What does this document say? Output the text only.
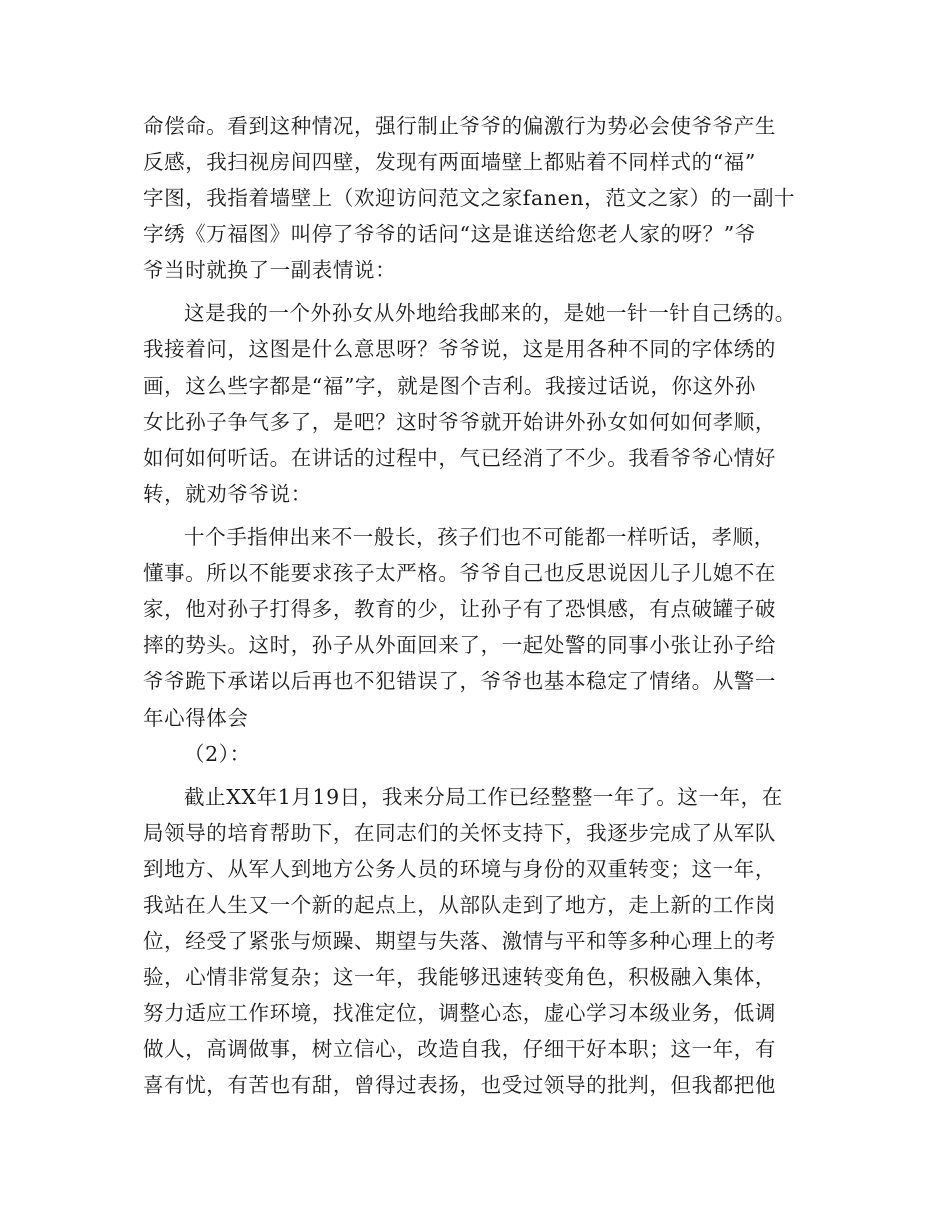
命偿命。看到这种情况，强行制止爷爷的偏激行为势必会使爷爷产生
反感，我扫视房间四壁，发现有两面墙壁上都贴着不同样式的“福”
字图，我指着墙壁上（欢迎访问范文之家fanen，范文之家）的一副十
字绣《万福图》叫停了爷爷的话问“这是谁送给您老人家的呀？”爷
爷当时就换了一副表情说：
这是我的一个外孙女从外地给我邮来的，是她一针一针自己绣的。
我接着问，这图是什么意思呀？爷爷说，这是用各种不同的字体绣的
画，这么些字都是“福”字，就是图个吉利。我接过话说，你这外孙
女比孙子争气多了，是吧？这时爷爷就开始讲外孙女如何如何孝顺，
如何如何听话。在讲话的过程中，气已经消了不少。我看爷爷心情好
转，就劝爷爷说：
十个手指伸出来不一般长，孩子们也不可能都一样听话，孝顺，
懂事。所以不能要求孩子太严格。爷爷自己也反思说因儿子儿媳不在
家，他对孙子打得多，教育的少，让孙子有了恐惧感，有点破罐子破
摔的势头。这时，孙子从外面回来了，一起处警的同事小张让孙子给
爷爷跪下承诺以后再也不犯错误了，爷爷也基本稳定了情绪。从警一
年心得体会
（2）：
截止XX年1月19日，我来分局工作已经整整一年了。这一年，在
局领导的培育帮助下，在同志们的关怀支持下，我逐步完成了从军队
到地方、从军人到地方公务人员的环境与身份的双重转变；这一年，
我站在人生又一个新的起点上，从部队走到了地方，走上新的工作岗
位，经受了紧张与烦躁、期望与失落、激情与平和等多种心理上的考
验，心情非常复杂；这一年，我能够迅速转变角色，积极融入集体，
努力适应工作环境，找准定位，调整心态，虚心学习本级业务，低调
做人，高调做事，树立信心，改造自我，仔细干好本职；这一年，有
喜有忧，有苦也有甜，曾得过表扬，也受过领导的批判，但我都把他
